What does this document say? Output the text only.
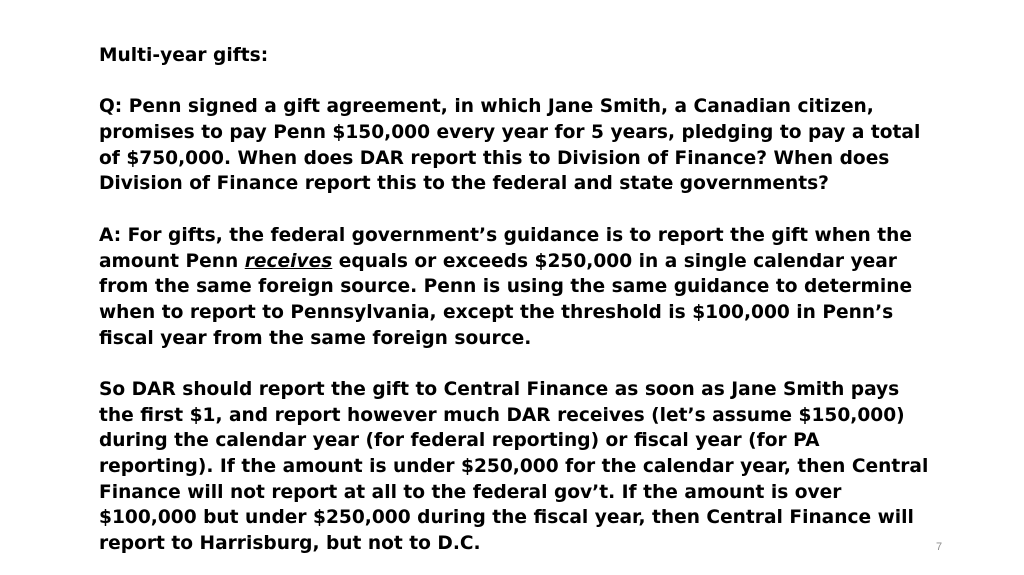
Multi-year gifts:
Q: Penn signed a gift agreement, in which Jane Smith, a Canadian citizen,
promises to pay Penn $150,000 every year for 5 years, pledging to pay a total
of $750,000. When does DAR report this to Division of Finance? When does
Division of Finance report this to the federal and state governments?
A: For gifts, the federal government’s guidance is to report the gift when the
amount Penn receives equals or exceeds $250,000 in a single calendar year
from the same foreign source. Penn is using the same guidance to determine
when to report to Pennsylvania, except the threshold is $100,000 in Penn’s
fiscal year from the same foreign source.
So DAR should report the gift to Central Finance as soon as Jane Smith pays
the first $1, and report however much DAR receives (let’s assume $150,000)
during the calendar year (for federal reporting) or fiscal year (for PA
reporting). If the amount is under $250,000 for the calendar year, then Central
Finance will not report at all to the federal gov’t. If the amount is over
$100,000 but under $250,000 during the fiscal year, then Central Finance will
report to Harrisburg, but not to D.C.	7
